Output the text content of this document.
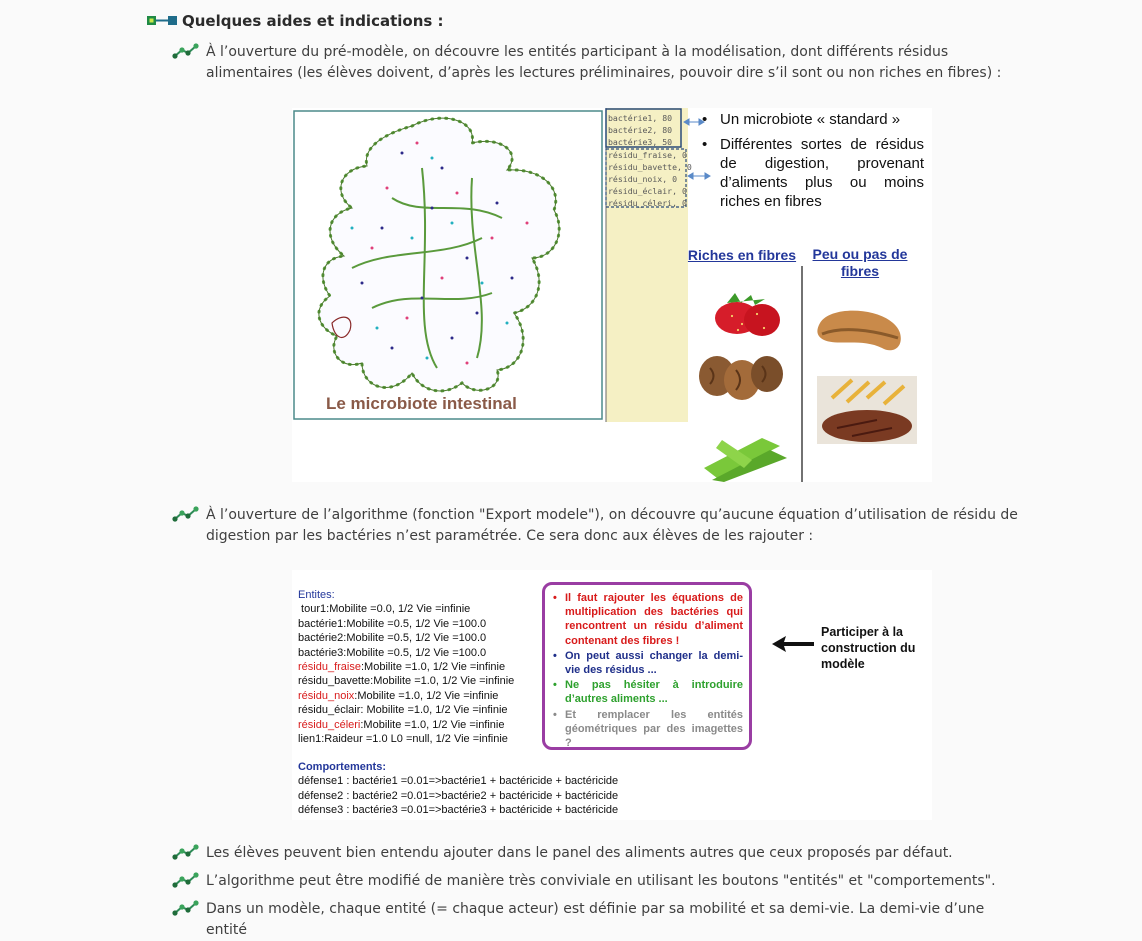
Quelques aides et indications :
À l’ouverture du pré-modèle, on découvre les entités participant à la modélisation, dont différents résidus alimentaires (les élèves doivent, d’après les lectures préliminaires, pouvoir dire s’il sont ou non riches en fibres) :
bactérie1, 80
bactérie2, 80
bactérie3, 50
résidu_fraise, 0
résidu_bavette, 0
résidu_noix, 0
résidu_éclair, 0
résidu_céleri, 0
• Un microbiote « standard »
• Différentes sortes de résidus de digestion, provenant d’aliments plus ou moins riches en fibres
Riches en fibres	Peu ou pas de fibres
Le microbiote intestinal
À l’ouverture de l’algorithme (fonction "Export modele"), on découvre qu’aucune équation d’utilisation de résidu de digestion par les bactéries n’est paramétrée. Ce sera donc aux élèves de les rajouter :
Entites:
tour1:Mobilite =0.0, 1/2 Vie =infinie
bactérie1:Mobilite =0.5, 1/2 Vie =100.0
bactérie2:Mobilite =0.5, 1/2 Vie =100.0
bactérie3:Mobilite =0.5, 1/2 Vie =100.0
résidu_fraise:Mobilite =1.0, 1/2 Vie =infinie
résidu_bavette:Mobilite =1.0, 1/2 Vie =infinie
résidu_noix:Mobilite =1.0, 1/2 Vie =infinie
résidu_éclair: Mobilite =1.0, 1/2 Vie =infinie
résidu_céleri:Mobilite =1.0, 1/2 Vie =infinie
lien1:Raideur =1.0 L0 =null, 1/2 Vie =infinie
Comportements:
défense1 : bactérie1 =0.01=>bactérie1 + bactéricide + bactéricide
défense2 : bactérie2 =0.01=>bactérie2 + bactéricide + bactéricide
défense3 : bactérie3 =0.01=>bactérie3 + bactéricide + bactéricide
• Il faut rajouter les équations de multiplication des bactéries qui rencontrent un résidu d’aliment contenant des fibres !
• On peut aussi changer la demi-vie des résidus ...
• Ne pas hésiter à introduire d’autres aliments ...
• Et remplacer les entités géométriques par des imagettes ?
Participer à la construction du modèle
Les élèves peuvent bien entendu ajouter dans le panel des aliments autres que ceux proposés par défaut.
L’algorithme peut être modifié de manière très conviviale en utilisant les boutons "entités" et "comportements".
Dans un modèle, chaque entité (= chaque acteur) est définie par sa mobilité et sa demi-vie. La demi-vie d’une entité
